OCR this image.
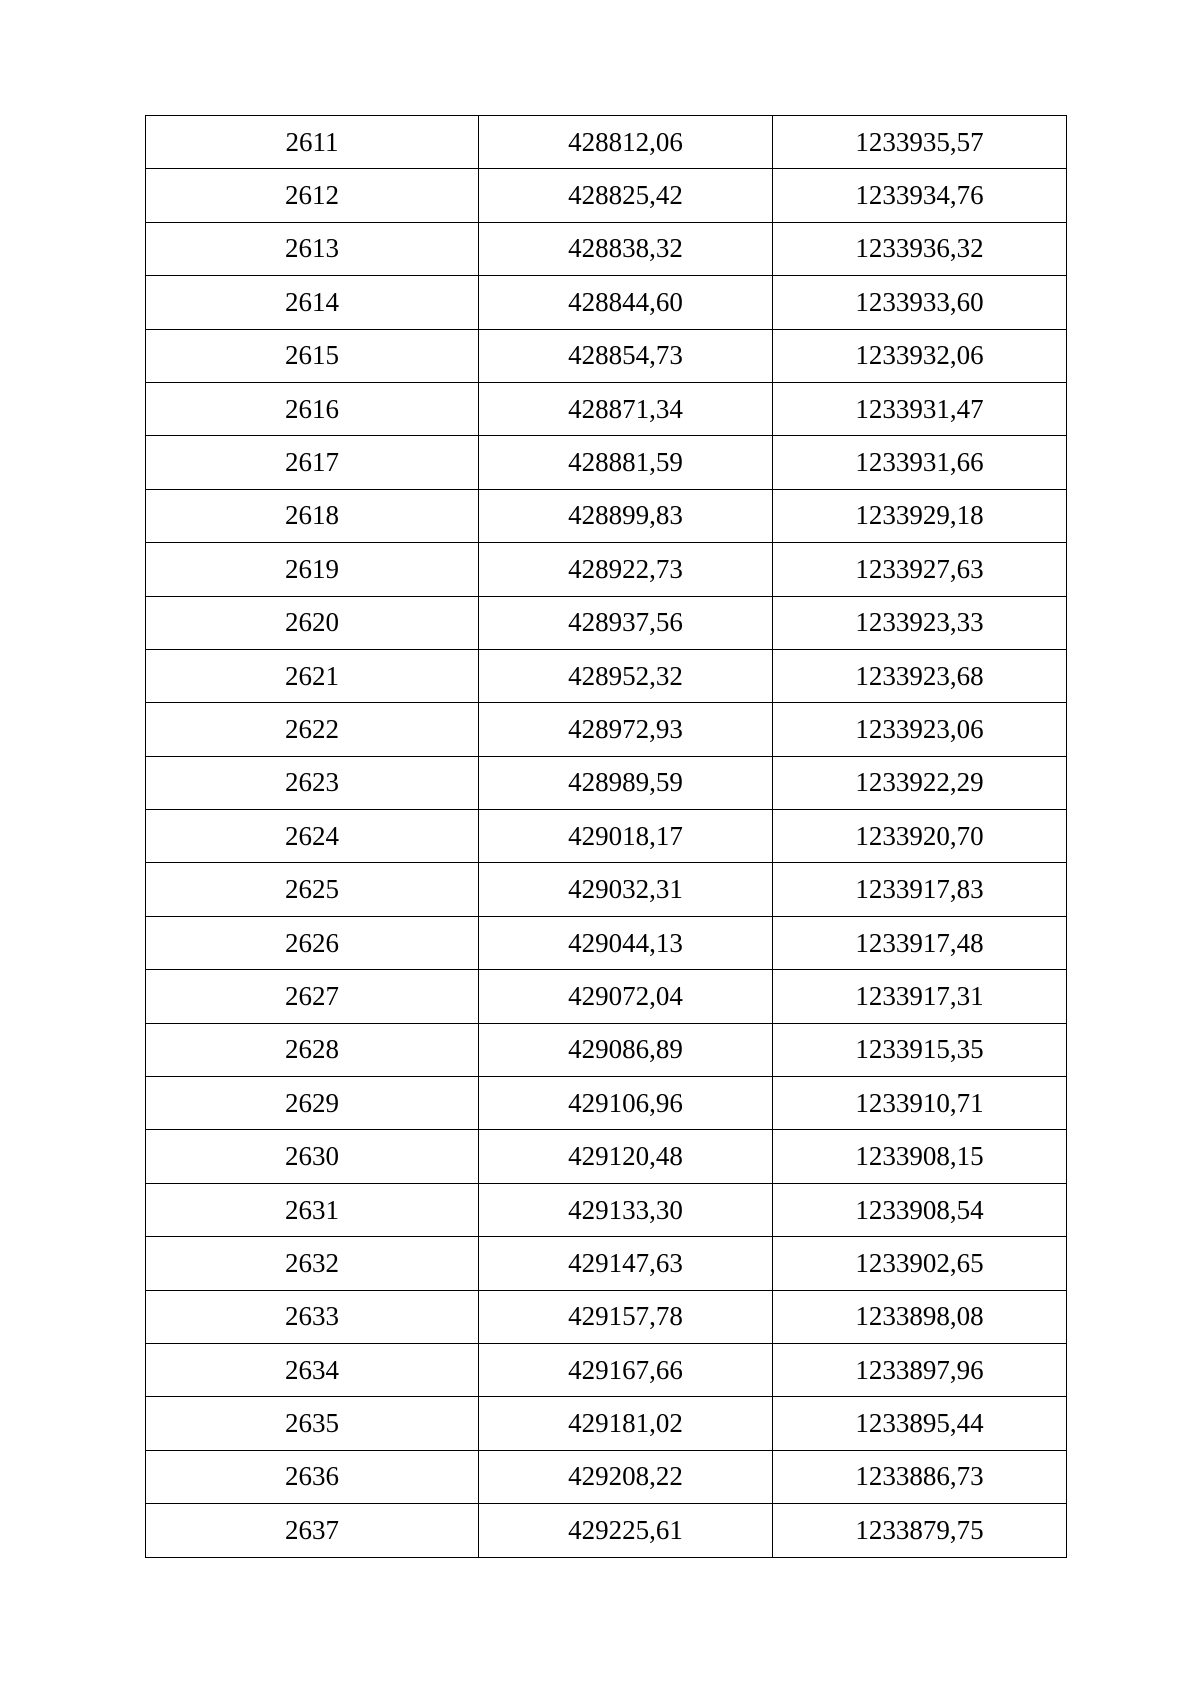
2611	428812,06	1233935,57
2612	428825,42	1233934,76
2613	428838,32	1233936,32
2614	428844,60	1233933,60
2615	428854,73	1233932,06
2616	428871,34	1233931,47
2617	428881,59	1233931,66
2618	428899,83	1233929,18
2619	428922,73	1233927,63
2620	428937,56	1233923,33
2621	428952,32	1233923,68
2622	428972,93	1233923,06
2623	428989,59	1233922,29
2624	429018,17	1233920,70
2625	429032,31	1233917,83
2626	429044,13	1233917,48
2627	429072,04	1233917,31
2628	429086,89	1233915,35
2629	429106,96	1233910,71
2630	429120,48	1233908,15
2631	429133,30	1233908,54
2632	429147,63	1233902,65
2633	429157,78	1233898,08
2634	429167,66	1233897,96
2635	429181,02	1233895,44
2636	429208,22	1233886,73
2637	429225,61	1233879,75
